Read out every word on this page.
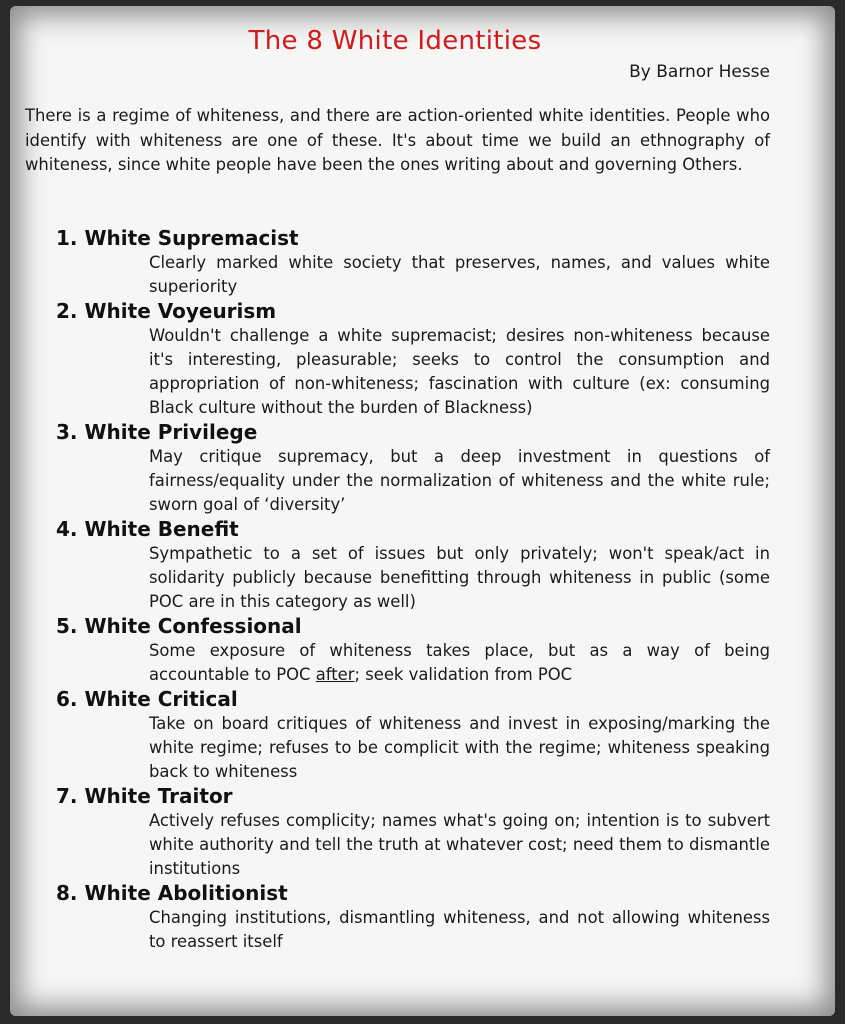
The 8 White Identities
By Barnor Hesse

There is a regime of whiteness, and there are action-oriented white identities. People who identify with whiteness are one of these. It's about time we build an ethnography of whiteness, since white people have been the ones writing about and governing Others.

1. White Supremacist

Clearly marked white society that preserves, names, and values white superiority

2. White Voyeurism

Wouldn't challenge a white supremacist; desires non-whiteness because it's interesting, pleasurable; seeks to control the consumption and appropriation of non-whiteness; fascination with culture (ex: consuming Black culture without the burden of Blackness)

3. White Privilege

May critique supremacy, but a deep investment in questions of fairness/equality under the normalization of whiteness and the white rule; sworn goal of ‘diversity’

4. White Benefit

Sympathetic to a set of issues but only privately; won't speak/act in solidarity publicly because benefitting through whiteness in public (some POC are in this category as well)

5. White Confessional

Some exposure of whiteness takes place, but as a way of being accountable to POC after; seek validation from POC

6. White Critical

Take on board critiques of whiteness and invest in exposing/marking the white regime; refuses to be complicit with the regime; whiteness speaking back to whiteness

7. White Traitor

Actively refuses complicity; names what's going on; intention is to subvert white authority and tell the truth at whatever cost; need them to dismantle institutions

8. White Abolitionist

Changing institutions, dismantling whiteness, and not allowing whiteness to reassert itself
